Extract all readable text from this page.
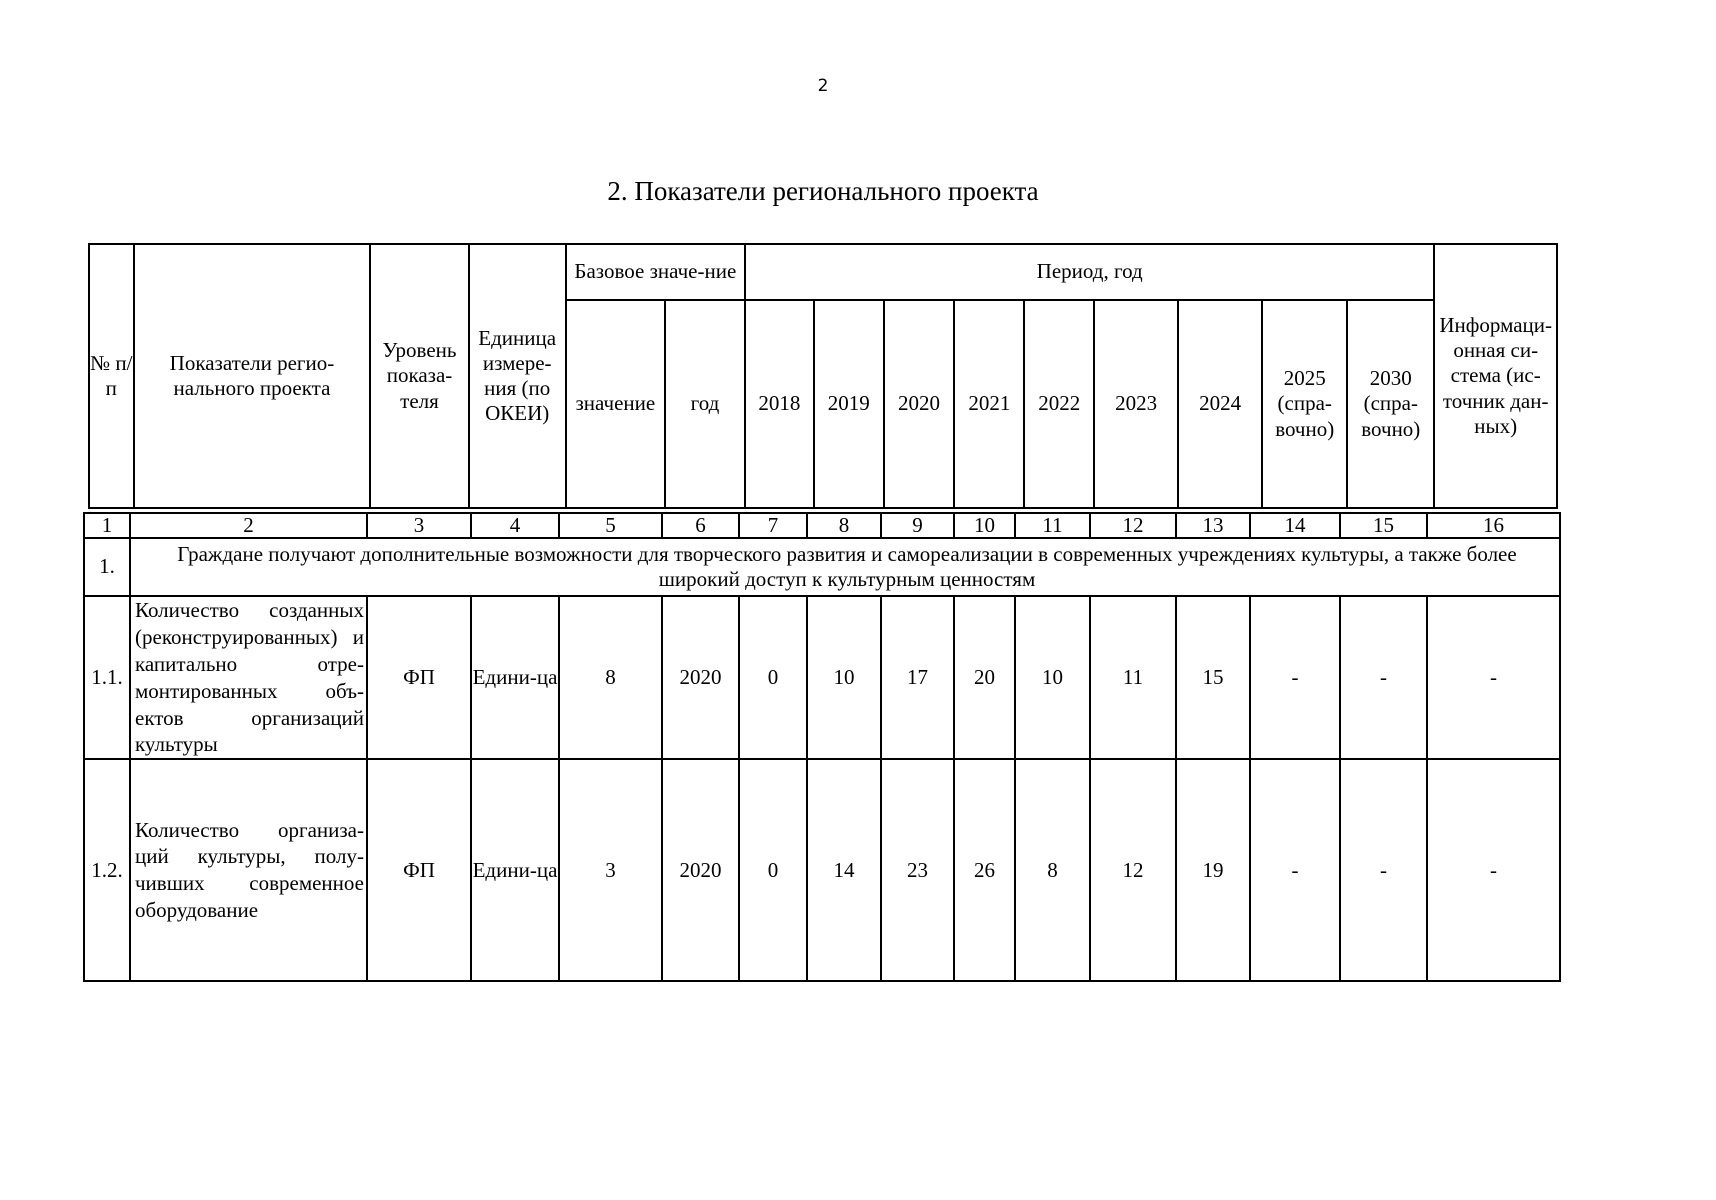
2
2. Показатели регионального проекта
№ п/п	Показатели регио-нального проекта	Уровень показа-теля	Единица измере-ния (по ОКЕИ)	Базовое значе-ние		Период, год									Информаци-онная си-стема (ис-точник дан-ных)
				значение	год	2018	2019	2020	2021	2022	2023	2024	2025 (спра-вочно)	2030 (спра-вочно)	
1	2	3	4	5	6	7	8	9	10	11	12	13	14	15	16
1.	Граждане получают дополнительные возможности для творческого развития и самореализации в современных учреждениях культуры, а также более широкий доступ к культурным ценностям														
1.1.	Количество созданных (реконструированных) и капитально отре-монтированных объ-ектов организаций культуры	ФП	Едини-ца	8	2020	0	10	17	20	10	11	15	-	-	-
1.2.	Количество организа-ций культуры, полу-чивших современное оборудование	ФП	Едини-ца	3	2020	0	14	23	26	8	12	19	-	-	-
